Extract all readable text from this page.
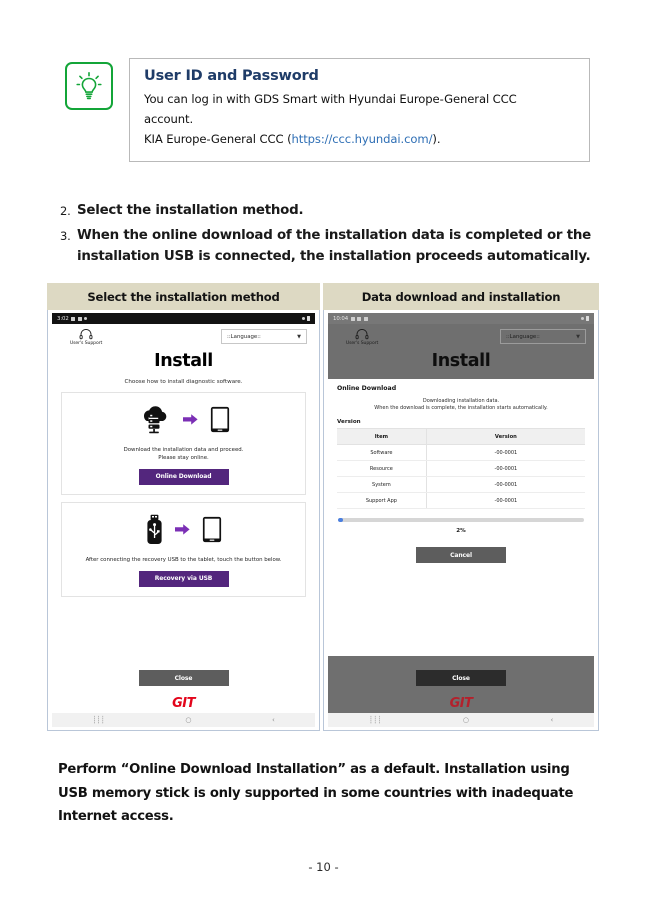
User ID and Password
You can log in with GDS Smart with Hyundai Europe-General CCC
account.
KIA Europe-General CCC (https://ccc.hyundai.com/).
2. Select the installation method.
3. When the online download of the installation data is completed or the installation USB is connected, the installation proceeds automatically.
Select the installation method
3:02
User's Support
::Language::	▼
Install
Choose how to install diagnostic software.
Download the installation data and proceed.
Please stay online.
Online Download
After connecting the recovery USB to the tablet, touch the button below.
Recovery via USB
Close
GIT
┊┊┊	○	‹
Data download and installation
10:04
User's Support
::Language::	▼
Install
Online Download
Downloading installation data.
When the download is complete, the installation starts automatically.
Version
Item	Version
Software	-00-0001
Resource	-00-0001
System	-00-0001
Support App	-00-0001
2%
Cancel
Close
GIT
┊┊┊	○	‹
Perform “Online Download Installation” as a default. Installation using USB memory stick is only supported in some countries with inadequate Internet access.
- 10 -
